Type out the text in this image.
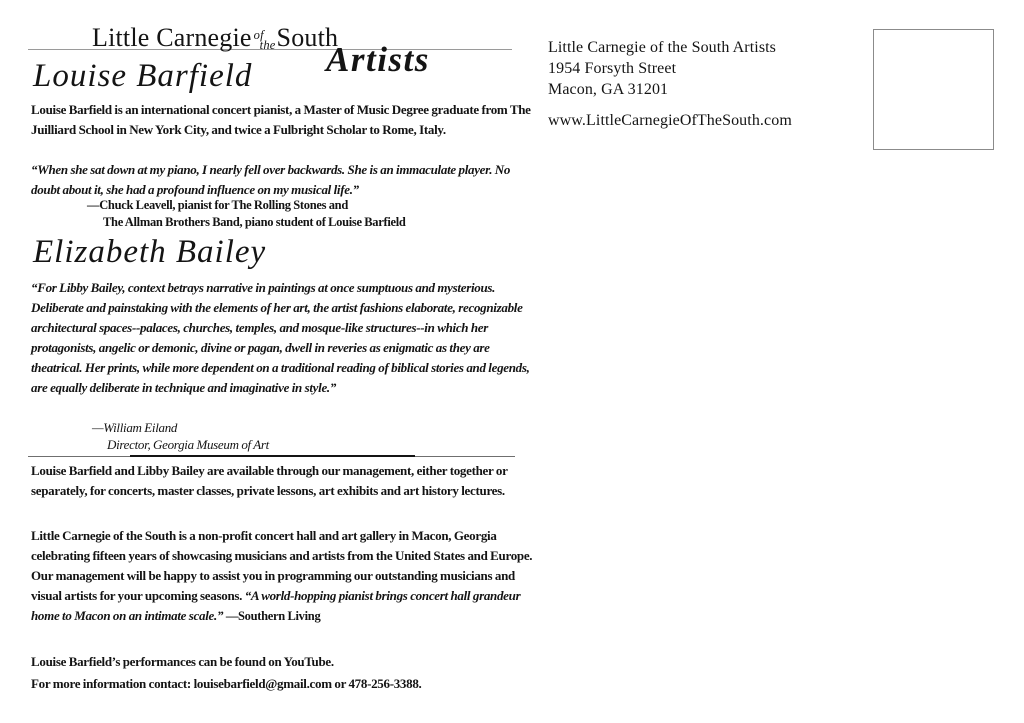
Little Carnegie of
the South
Artists
Louise Barfield
Louise Barfield is an international concert pianist, a Master of Music Degree graduate from The Juilliard School in New York City, and twice a Fulbright Scholar to Rome, Italy.
“When she sat down at my piano, I nearly fell over backwards. She is an immaculate player. No doubt about it, she had a profound influence on my musical life.”
—Chuck Leavell, pianist for The Rolling Stones and
The Allman Brothers Band, piano student of Louise Barfield
Elizabeth Bailey
“For Libby Bailey, context betrays narrative in paintings at once sumptuous and mysterious.  Deliberate and painstaking with the elements of her art, the artist fashions elaborate, recognizable architectural spaces--palaces, churches, temples, and mosque-like structures--in which her protagonists, angelic or demonic, divine or pagan, dwell in reveries as enigmatic as they are theatrical. Her prints, while more dependent on a traditional reading of biblical stories and legends, are equally deliberate in technique and imaginative in style.”
—William Eiland
Director, Georgia Museum of Art
Louise Barfield and Libby Bailey are available through our management, either together or separately, for concerts, master classes, private lessons, art exhibits and art history lectures.
Little Carnegie of the South is a non-profit concert hall and art gallery in Macon, Georgia celebrating fifteen years of showcasing musicians and artists from the United States and Europe. Our management will be happy to assist you in programming our outstanding musicians and visual artists for your upcoming seasons. “A world-hopping pianist brings concert hall grandeur  home to Macon on an intimate scale.” —Southern Living
Louise Barfield’s performances can be found on YouTube.
For more information contact: louisebarfield@gmail.com or 478-256-3388.
Little Carnegie of the South Artists
1954 Forsyth Street
Macon, GA 31201
www.LittleCarnegieOfTheSouth.com
